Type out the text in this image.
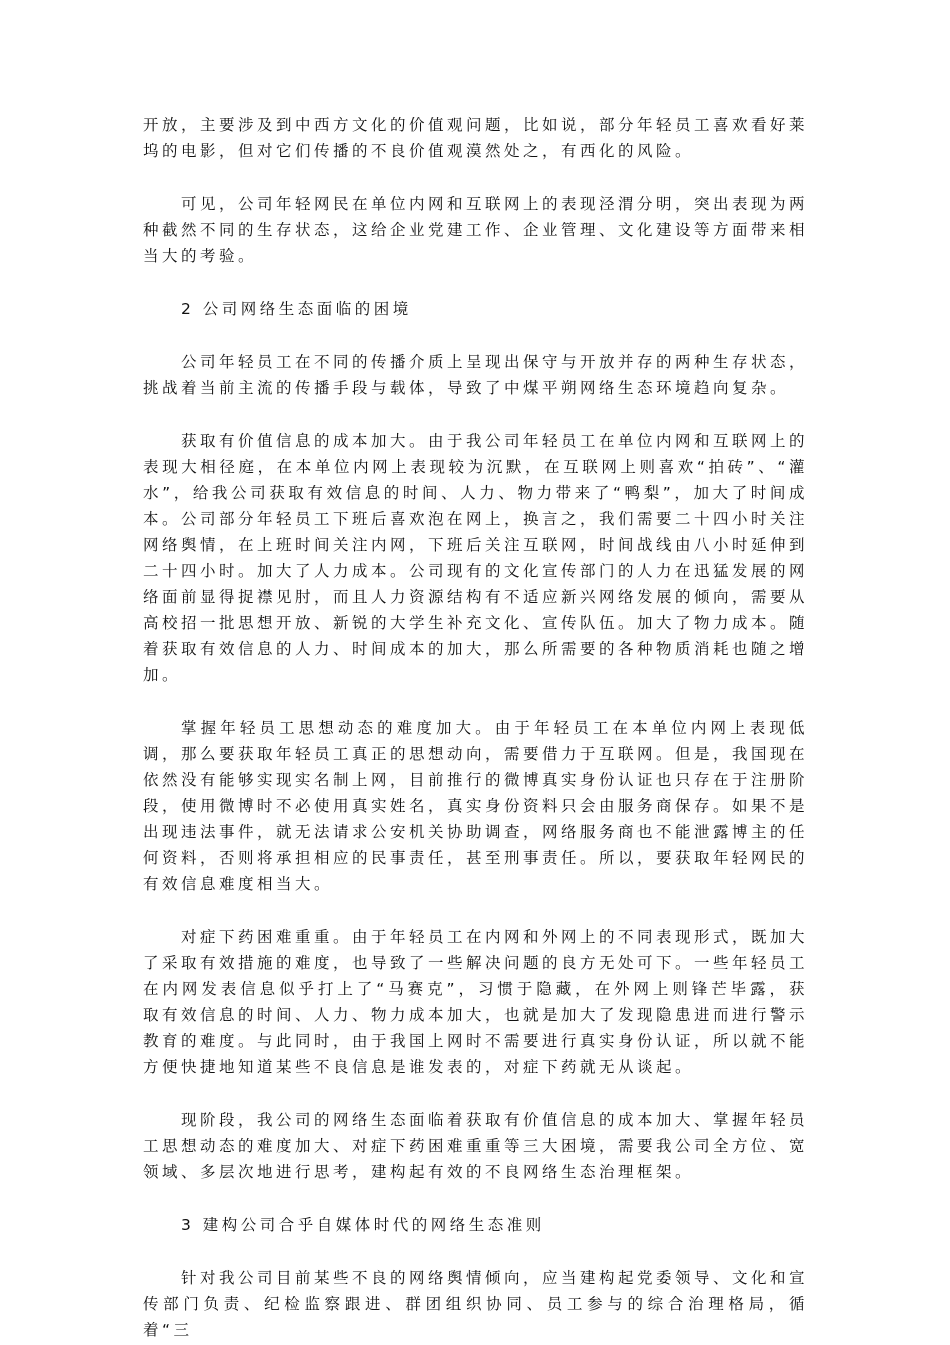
开放，主要涉及到中西方文化的价值观问题，比如说，部分年轻员工喜欢看好莱坞的电影，但对它们传播的不良价值观漠然处之，有西化的风险。

可见，公司年轻网民在单位内网和互联网上的表现泾渭分明，突出表现为两种截然不同的生存状态，这给企业党建工作、企业管理、文化建设等方面带来相当大的考验。

2 公司网络生态面临的困境

公司年轻员工在不同的传播介质上呈现出保守与开放并存的两种生存状态，挑战着当前主流的传播手段与载体，导致了中煤平朔网络生态环境趋向复杂。

获取有价值信息的成本加大。由于我公司年轻员工在单位内网和互联网上的表现大相径庭，在本单位内网上表现较为沉默，在互联网上则喜欢“拍砖”、“灌水”，给我公司获取有效信息的时间、人力、物力带来了“鸭梨”，加大了时间成本。公司部分年轻员工下班后喜欢泡在网上，换言之，我们需要二十四小时关注网络舆情，在上班时间关注内网，下班后关注互联网，时间战线由八小时延伸到二十四小时。加大了人力成本。公司现有的文化宣传部门的人力在迅猛发展的网络面前显得捉襟见肘，而且人力资源结构有不适应新兴网络发展的倾向，需要从高校招一批思想开放、新锐的大学生补充文化、宣传队伍。加大了物力成本。随着获取有效信息的人力、时间成本的加大，那么所需要的各种物质消耗也随之增加。

掌握年轻员工思想动态的难度加大。由于年轻员工在本单位内网上表现低调，那么要获取年轻员工真正的思想动向，需要借力于互联网。但是，我国现在依然没有能够实现实名制上网，目前推行的微博真实身份认证也只存在于注册阶段，使用微博时不必使用真实姓名，真实身份资料只会由服务商保存。如果不是出现违法事件，就无法请求公安机关协助调查，网络服务商也不能泄露博主的任何资料，否则将承担相应的民事责任，甚至刑事责任。所以，要获取年轻网民的有效信息难度相当大。

对症下药困难重重。由于年轻员工在内网和外网上的不同表现形式，既加大了采取有效措施的难度，也导致了一些解决问题的良方无处可下。一些年轻员工在内网发表信息似乎打上了“马赛克”，习惯于隐藏，在外网上则锋芒毕露，获取有效信息的时间、人力、物力成本加大，也就是加大了发现隐患进而进行警示教育的难度。与此同时，由于我国上网时不需要进行真实身份认证，所以就不能方便快捷地知道某些不良信息是谁发表的，对症下药就无从谈起。

现阶段，我公司的网络生态面临着获取有价值信息的成本加大、掌握年轻员工思想动态的难度加大、对症下药困难重重等三大困境，需要我公司全方位、宽领域、多层次地进行思考，建构起有效的不良网络生态治理框架。

3 建构公司合乎自媒体时代的网络生态准则

针对我公司目前某些不良的网络舆情倾向，应当建构起党委领导、文化和宣传部门负责、纪检监察跟进、群团组织协同、员工参与的综合治理格局，循着“三
